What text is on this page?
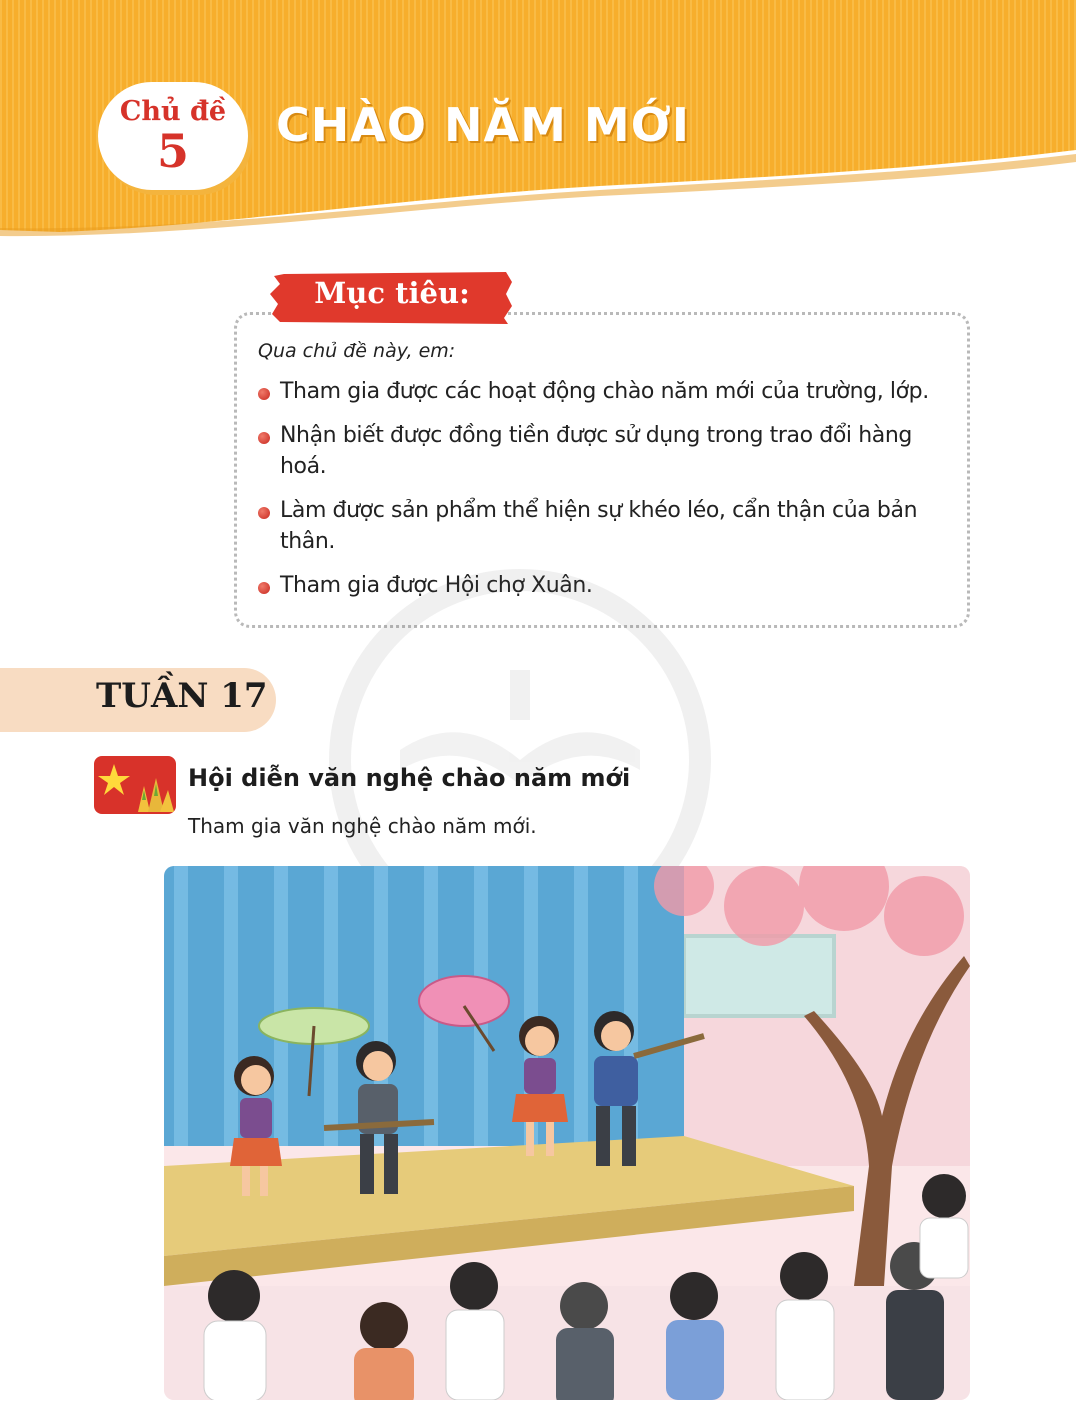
Chủ đề
5	CHÀO NĂM MỚI
Mục tiêu:
Qua chủ đề này, em:
Tham gia được các hoạt động chào năm mới của trường, lớp.
Nhận biết được đồng tiền được sử dụng trong trao đổi hàng hoá.
Làm được sản phẩm thể hiện sự khéo léo, cẩn thận của bản thân.
Tham gia được Hội chợ Xuân.
TUẦN 17
Hội diễn văn nghệ chào năm mới
Tham gia văn nghệ chào năm mới.
